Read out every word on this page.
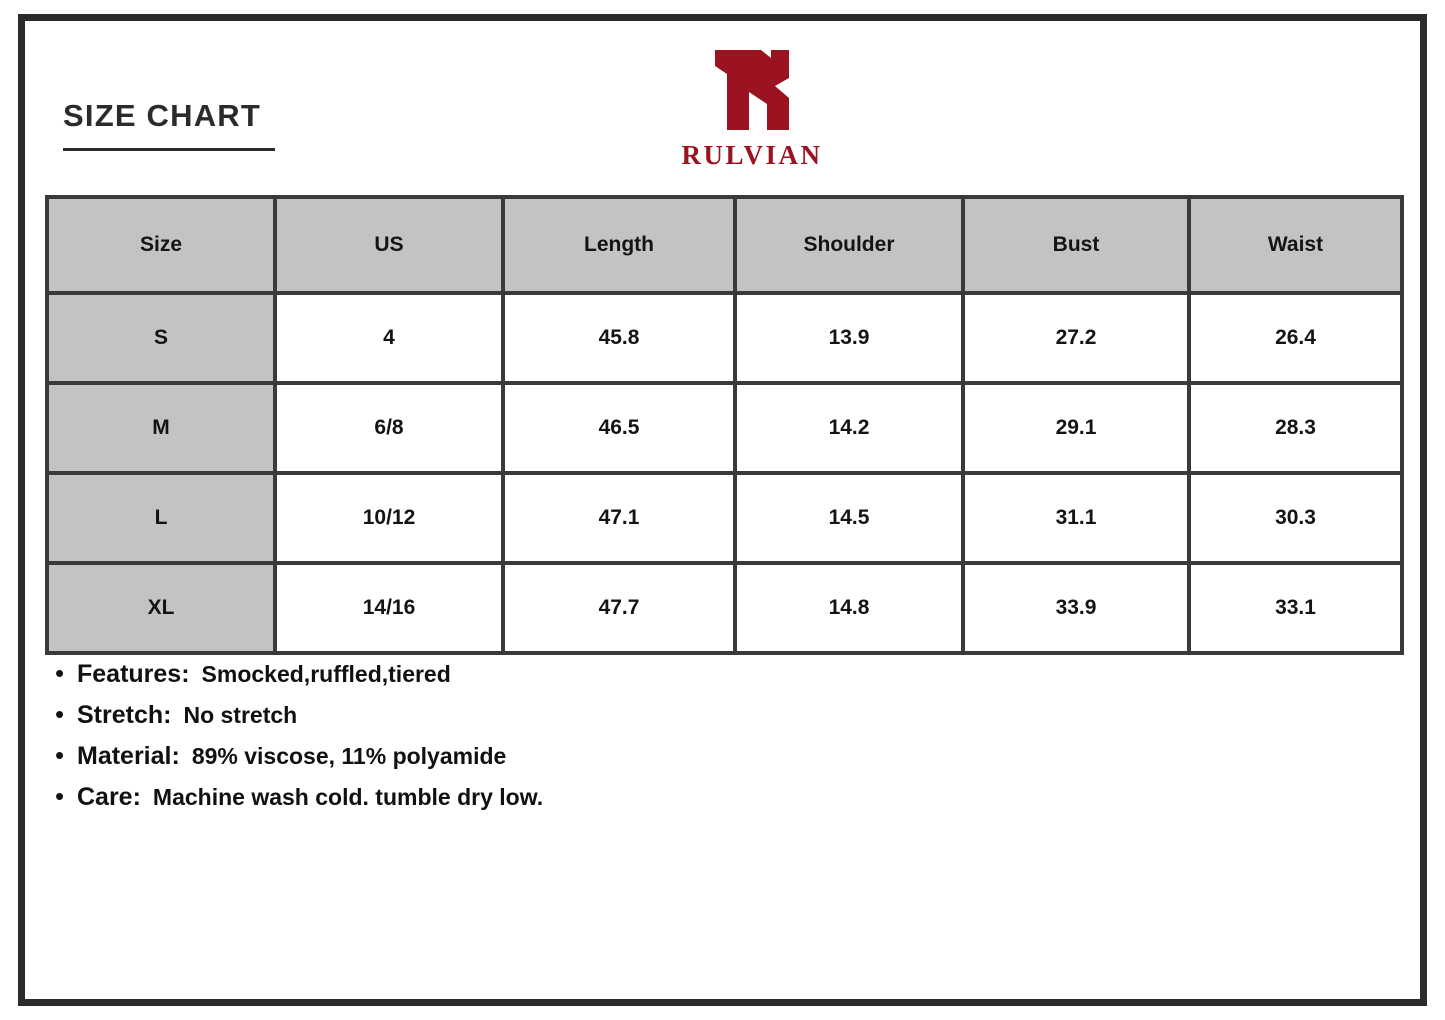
SIZE CHART
RULVIAN
Size	US	Length	Shoulder	Bust	Waist
S	4	45.8	13.9	27.2	26.4
M	6/8	46.5	14.2	29.1	28.3
L	10/12	47.1	14.5	31.1	30.3
XL	14/16	47.7	14.8	33.9	33.1
• Features: Smocked,ruffled,tiered
• Stretch: No stretch
• Material: 89% viscose, 11% polyamide
• Care: Machine wash cold. tumble dry low.
